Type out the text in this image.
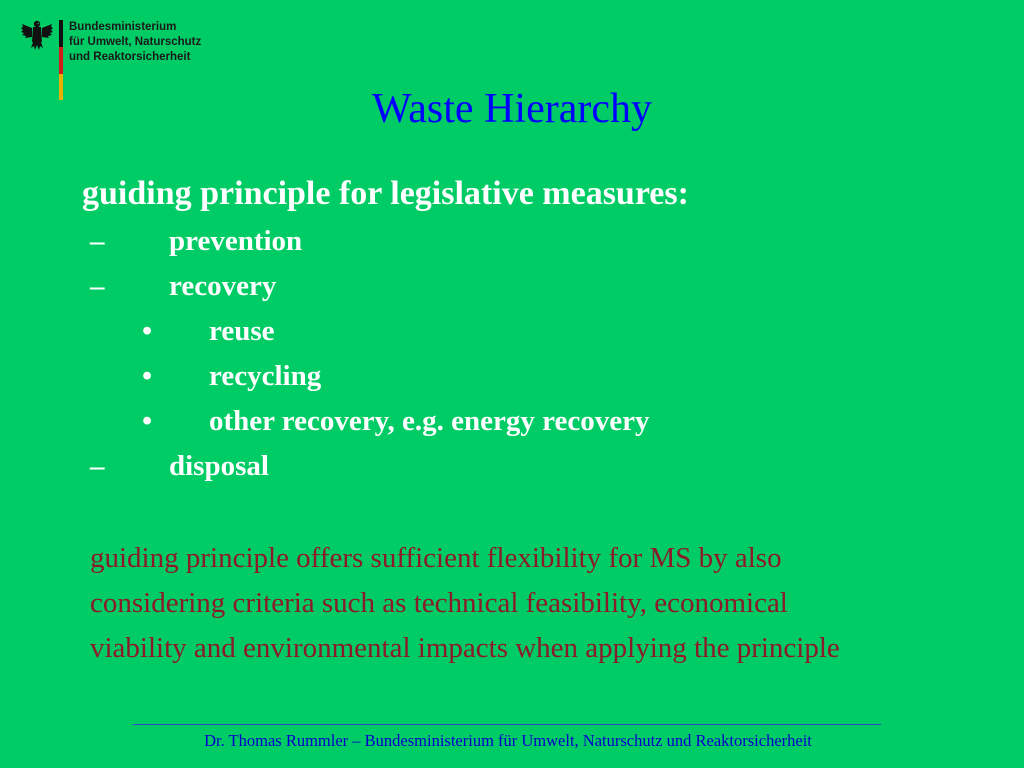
Bundesministerium
für Umwelt, Naturschutz
und Reaktorsicherheit
Waste Hierarchy
guiding principle for legislative measures:
– prevention
– recovery
• reuse
• recycling
• other recovery, e.g. energy recovery
– disposal
guiding principle offers sufficient flexibility for MS by also
considering criteria such as technical feasibility, economical
viability and environmental impacts when applying the principle
Dr. Thomas Rummler – Bundesministerium für Umwelt, Naturschutz und Reaktorsicherheit
